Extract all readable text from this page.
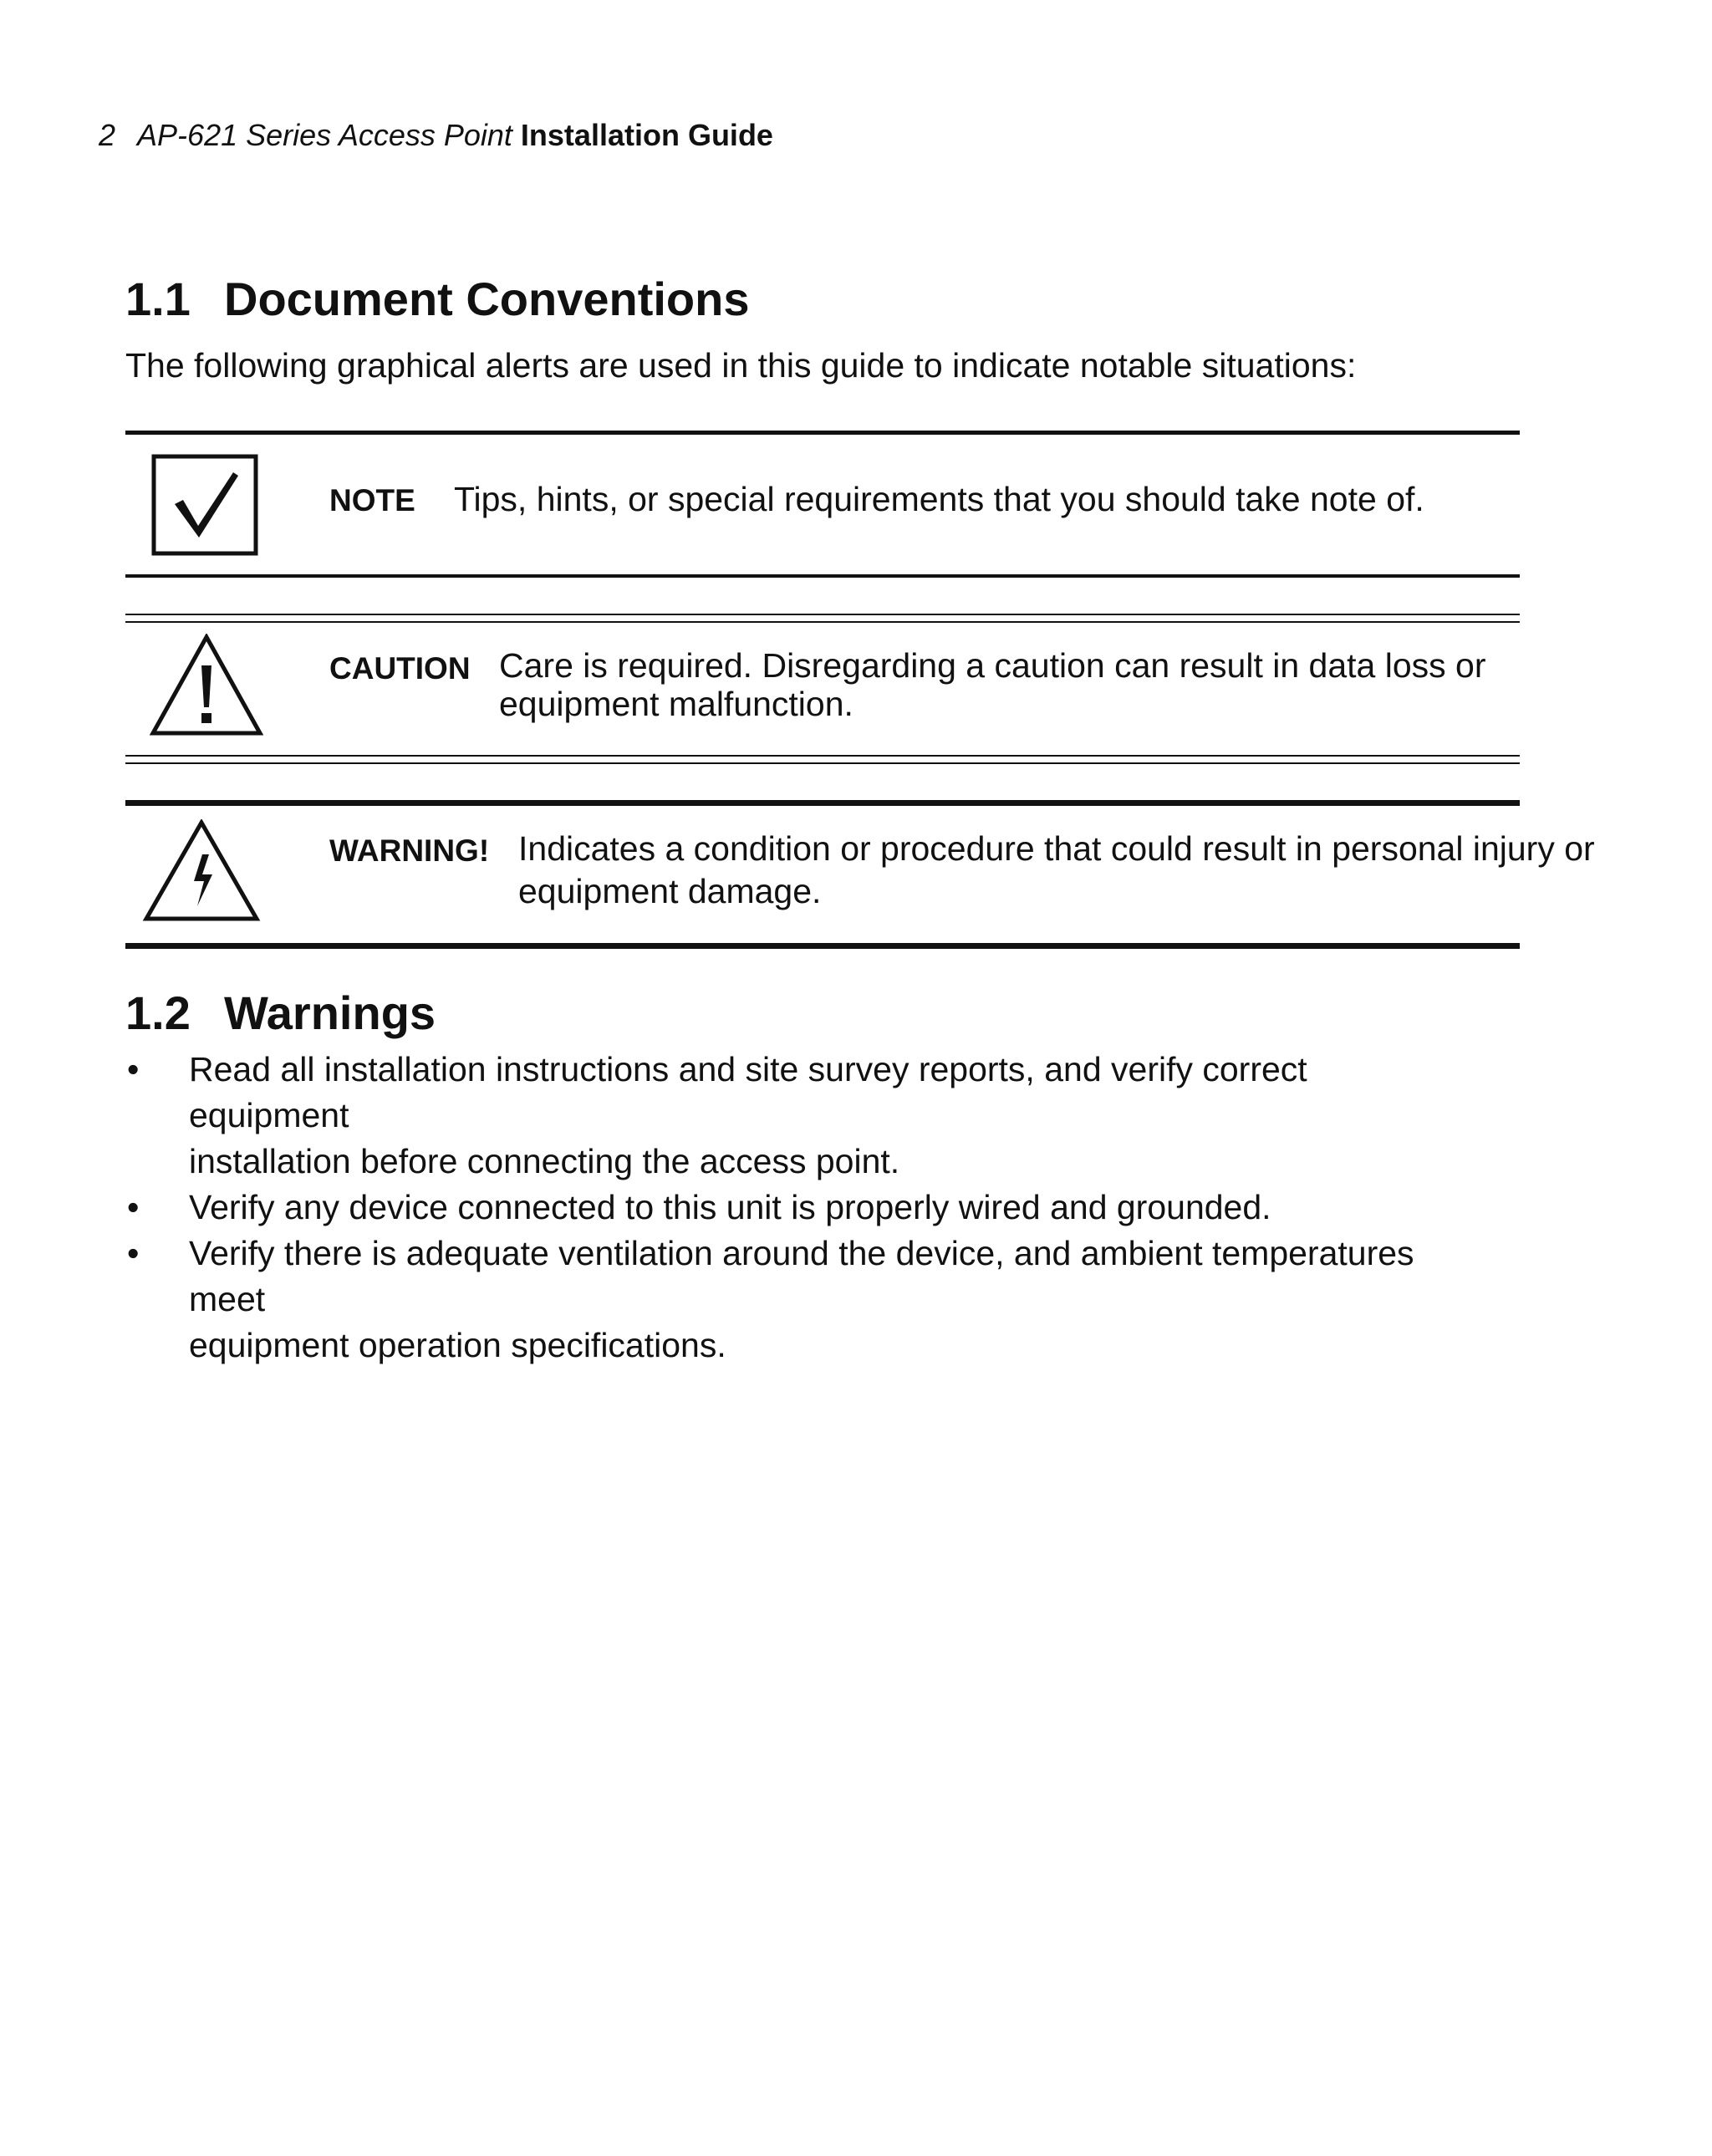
2 AP-621 Series Access Point Installation Guide
1.1 Document Conventions
The following graphical alerts are used in this guide to indicate notable situations:
NOTE Tips, hints, or special requirements that you should take note of.
CAUTION Care is required. Disregarding a caution can result in data loss or
equipment malfunction.
WARNING! Indicates a condition or procedure that could result in personal injury or
equipment damage.
1.2 Warnings
• Read all installation instructions and site survey reports, and verify correct equipment
installation before connecting the access point.
• Verify any device connected to this unit is properly wired and grounded.
• Verify there is adequate ventilation around the device, and ambient temperatures meet
equipment operation specifications.
